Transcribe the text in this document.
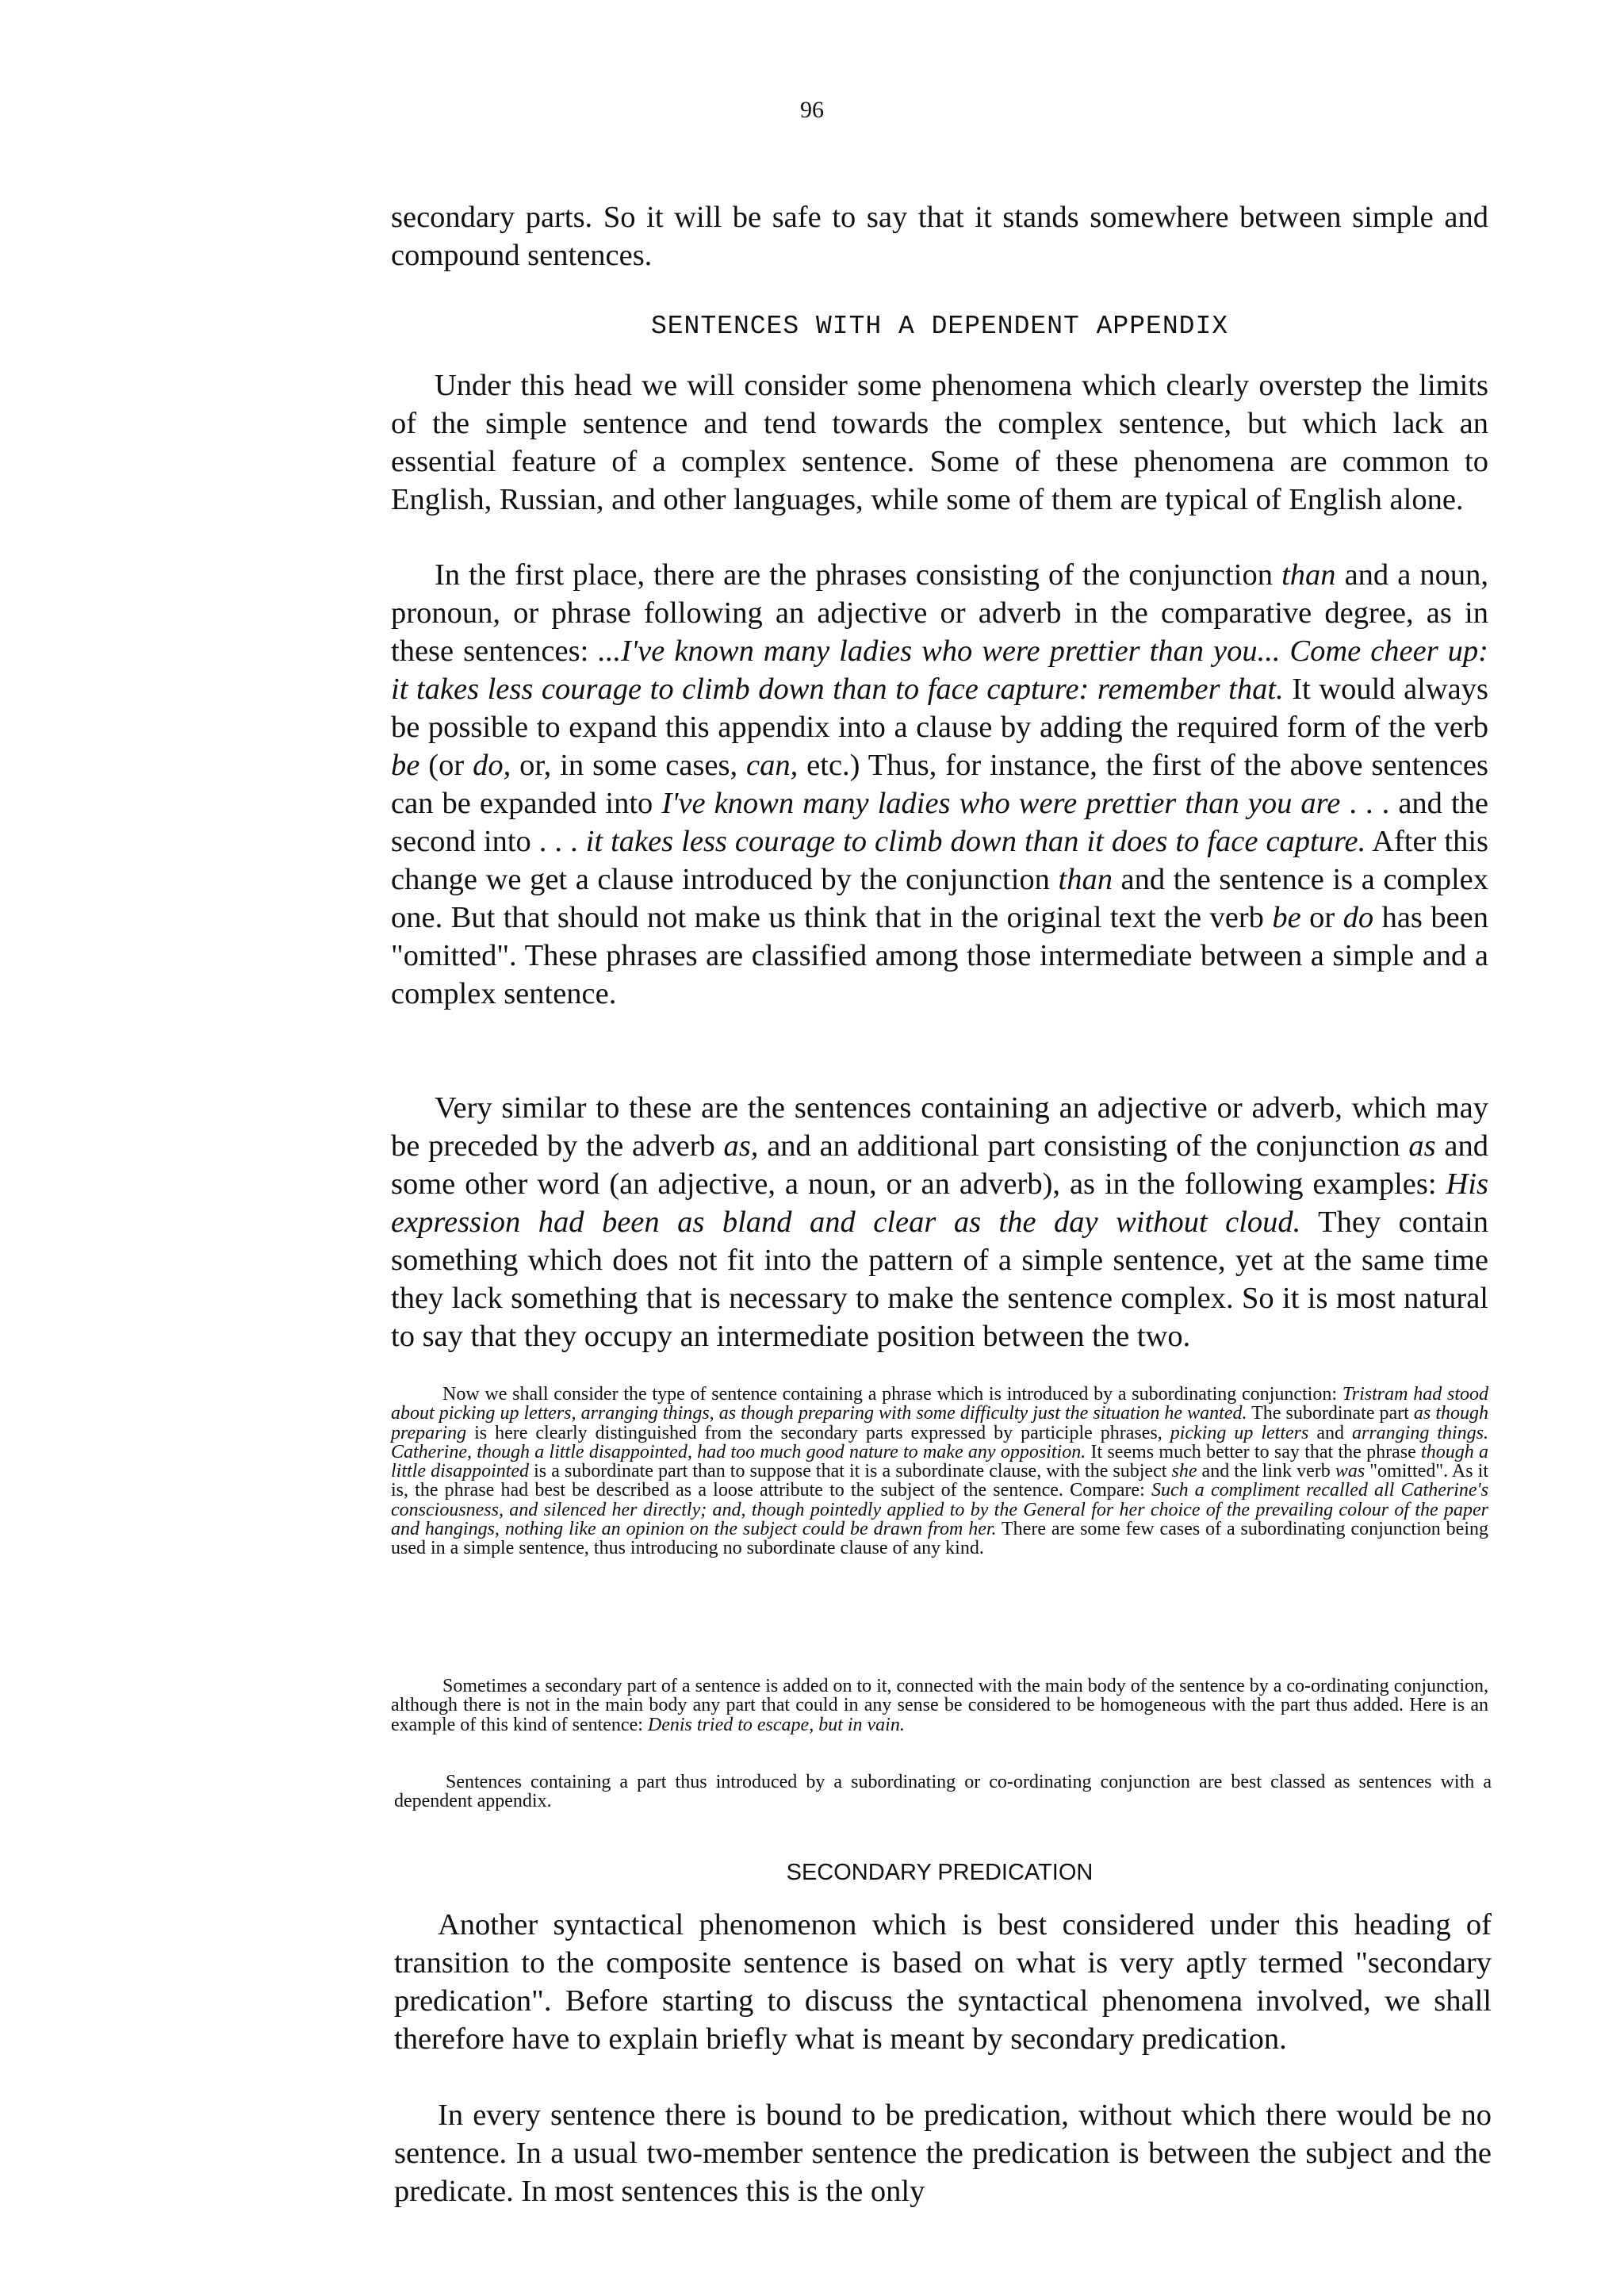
96

secondary parts. So it will be safe to say that it stands somewhere between simple and compound sentences.

SENTENCES WITH A DEPENDENT APPENDIX

Under this head we will consider some phenomena which clearly overstep the limits of the simple sentence and tend towards the complex sentence, but which lack an essential feature of a complex sentence. Some of these phenomena are common to English, Russian, and other languages, while some of them are typical of English alone.

In the first place, there are the phrases consisting of the conjunction than and a noun, pronoun, or phrase following an adjective or adverb in the comparative degree, as in these sentences: ...I've known many ladies who were prettier than you... Come cheer up: it takes less courage to climb down than to face capture: remember that. It would always be possible to expand this appendix into a clause by adding the required form of the verb be (or do, or, in some cases, can, etc.) Thus, for instance, the first of the above sentences can be expanded into I've known many ladies who were prettier than you are . . . and the second into . . . it takes less courage to climb down than it does to face capture. After this change we get a clause introduced by the conjunction than and the sentence is a complex one. But that should not make us think that in the original text the verb be or do has been "omitted". These phrases are classified among those intermediate between a simple and a complex sentence.

Very similar to these are the sentences containing an adjective or adverb, which may be preceded by the adverb as, and an additional part consisting of the conjunction as and some other word (an adjective, a noun, or an adverb), as in the following examples: His expression had been as bland and clear as the day without cloud. They contain something which does not fit into the pattern of a simple sentence, yet at the same time they lack something that is necessary to make the sentence complex. So it is most natural to say that they occupy an intermediate position between the two.

Now we shall consider the type of sentence containing a phrase which is introduced by a subordinating conjunction: Tristram had stood about picking up letters, arranging things, as though preparing with some difficulty just the situation he wanted. The subordinate part as though preparing is here clearly distinguished from the secondary parts expressed by participle phrases, picking up letters and arranging things. Catherine, though a little disappointed, had too much good nature to make any opposition. It seems much better to say that the phrase though a little disappointed is a subordinate part than to suppose that it is a subordinate clause, with the subject she and the link verb was "omitted". As it is, the phrase had best be described as a loose attribute to the subject of the sentence. Compare: Such a compliment recalled all Catherine's consciousness, and silenced her directly; and, though pointedly applied to by the General for her choice of the prevailing colour of the paper and hangings, nothing like an opinion on the subject could be drawn from her. There are some few cases of a subordinating conjunction being used in a simple sentence, thus introducing no subordinate clause of any kind.

Sometimes a secondary part of a sentence is added on to it, connected with the main body of the sentence by a co-ordinating conjunction, although there is not in the main body any part that could in any sense be considered to be homogeneous with the part thus added. Here is an example of this kind of sentence: Denis tried to escape, but in vain.

Sentences containing a part thus introduced by a subordinating or co-ordinating conjunction are best classed as sentences with a dependent appendix.

SECONDARY PREDICATION

Another syntactical phenomenon which is best considered under this heading of transition to the composite sentence is based on what is very aptly termed "secondary predication". Before starting to discuss the syntactical phenomena involved, we shall therefore have to explain briefly what is meant by secondary predication.

In every sentence there is bound to be predication, without which there would be no sentence. In a usual two-member sentence the predication is between the subject and the predicate. In most sentences this is the only
